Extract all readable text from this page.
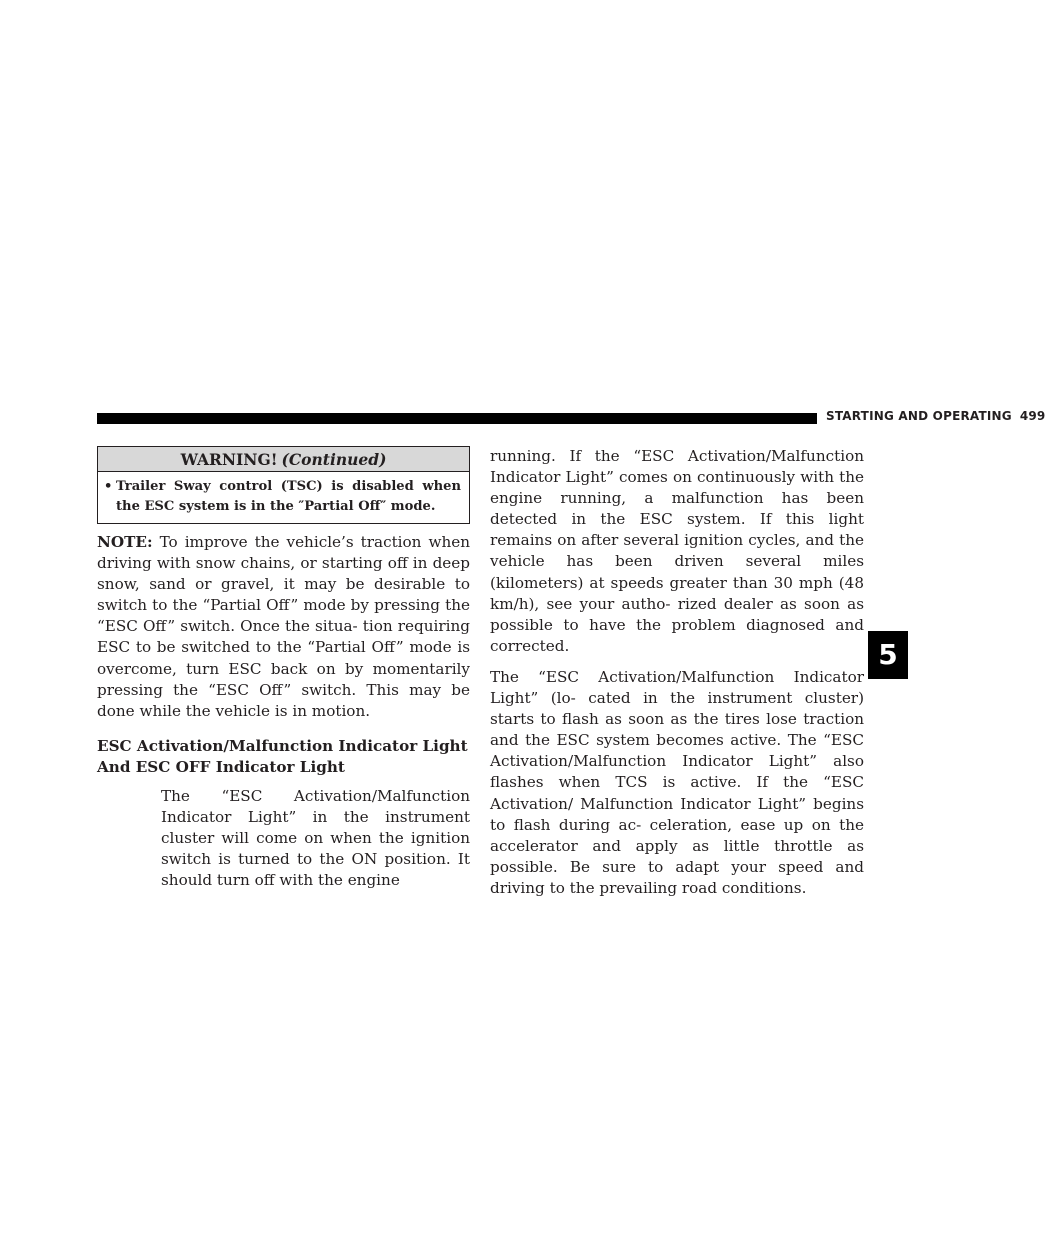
STARTING AND OPERATING 499
5
WARNING! (Continued)
• Trailer Sway control (TSC) is disabled when the ESC system is in the ″Partial Off″ mode.

NOTE: To improve the vehicle’s traction when driving with snow chains, or starting off in deep snow, sand or gravel, it may be desirable to switch to the “Partial Off” mode by pressing the “ESC Off” switch. Once the situa- tion requiring ESC to be switched to the “Partial Off” mode is overcome, turn ESC back on by momentarily pressing the “ESC Off” switch. This may be done while the vehicle is in motion.

ESC Activation/Malfunction Indicator Light And ESC OFF Indicator Light

The “ESC Activation/Malfunction Indicator Light” in the instrument cluster will come on when the ignition switch is turned to the ON position. It should turn off with the engine

running. If the “ESC Activation/Malfunction Indicator Light” comes on continuously with the engine running, a malfunction has been detected in the ESC system. If this light remains on after several ignition cycles, and the vehicle has been driven several miles (kilometers) at speeds greater than 30 mph (48 km/h), see your autho- rized dealer as soon as possible to have the problem diagnosed and corrected.

The “ESC Activation/Malfunction Indicator Light” (lo- cated in the instrument cluster) starts to flash as soon as the tires lose traction and the ESC system becomes active. The “ESC Activation/Malfunction Indicator Light” also flashes when TCS is active. If the “ESC Activation/ Malfunction Indicator Light” begins to flash during ac- celeration, ease up on the accelerator and apply as little throttle as possible. Be sure to adapt your speed and driving to the prevailing road conditions.
